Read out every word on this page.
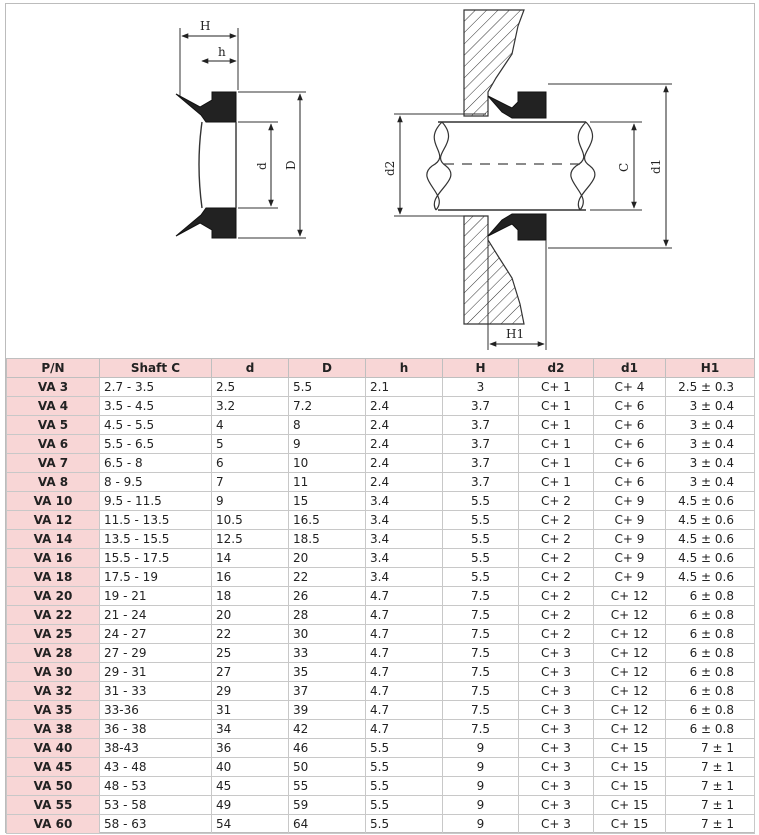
H
h
d D	d2	C d1
H1
P/N	Shaft C	d	D	h	H	d2	d1	H1
VA 3	2.7 - 3.5	2.5	5.5	2.1	3	C+ 1	C+ 4	2.5 ± 0.3
VA 4	3.5 - 4.5	3.2	7.2	2.4	3.7	C+ 1	C+ 6	3 ± 0.4
VA 5	4.5 - 5.5	4	8	2.4	3.7	C+ 1	C+ 6	3 ± 0.4
VA 6	5.5 - 6.5	5	9	2.4	3.7	C+ 1	C+ 6	3 ± 0.4
VA 7	6.5 - 8	6	10	2.4	3.7	C+ 1	C+ 6	3 ± 0.4
VA 8	8 - 9.5	7	11	2.4	3.7	C+ 1	C+ 6	3 ± 0.4
VA 10	9.5 - 11.5	9	15	3.4	5.5	C+ 2	C+ 9	4.5 ± 0.6
VA 12	11.5 - 13.5	10.5	16.5	3.4	5.5	C+ 2	C+ 9	4.5 ± 0.6
VA 14	13.5 - 15.5	12.5	18.5	3.4	5.5	C+ 2	C+ 9	4.5 ± 0.6
VA 16	15.5 - 17.5	14	20	3.4	5.5	C+ 2	C+ 9	4.5 ± 0.6
VA 18	17.5 - 19	16	22	3.4	5.5	C+ 2	C+ 9	4.5 ± 0.6
VA 20	19 - 21	18	26	4.7	7.5	C+ 2	C+ 12	6 ± 0.8
VA 22	21 - 24	20	28	4.7	7.5	C+ 2	C+ 12	6 ± 0.8
VA 25	24 - 27	22	30	4.7	7.5	C+ 2	C+ 12	6 ± 0.8
VA 28	27 - 29	25	33	4.7	7.5	C+ 3	C+ 12	6 ± 0.8
VA 30	29 - 31	27	35	4.7	7.5	C+ 3	C+ 12	6 ± 0.8
VA 32	31 - 33	29	37	4.7	7.5	C+ 3	C+ 12	6 ± 0.8
VA 35	33-36	31	39	4.7	7.5	C+ 3	C+ 12	6 ± 0.8
VA 38	36 - 38	34	42	4.7	7.5	C+ 3	C+ 12	6 ± 0.8
VA 40	38-43	36	46	5.5	9	C+ 3	C+ 15	7 ± 1
VA 45	43 - 48	40	50	5.5	9	C+ 3	C+ 15	7 ± 1
VA 50	48 - 53	45	55	5.5	9	C+ 3	C+ 15	7 ± 1
VA 55	53 - 58	49	59	5.5	9	C+ 3	C+ 15	7 ± 1
VA 60	58 - 63	54	64	5.5	9	C+ 3	C+ 15	7 ± 1
